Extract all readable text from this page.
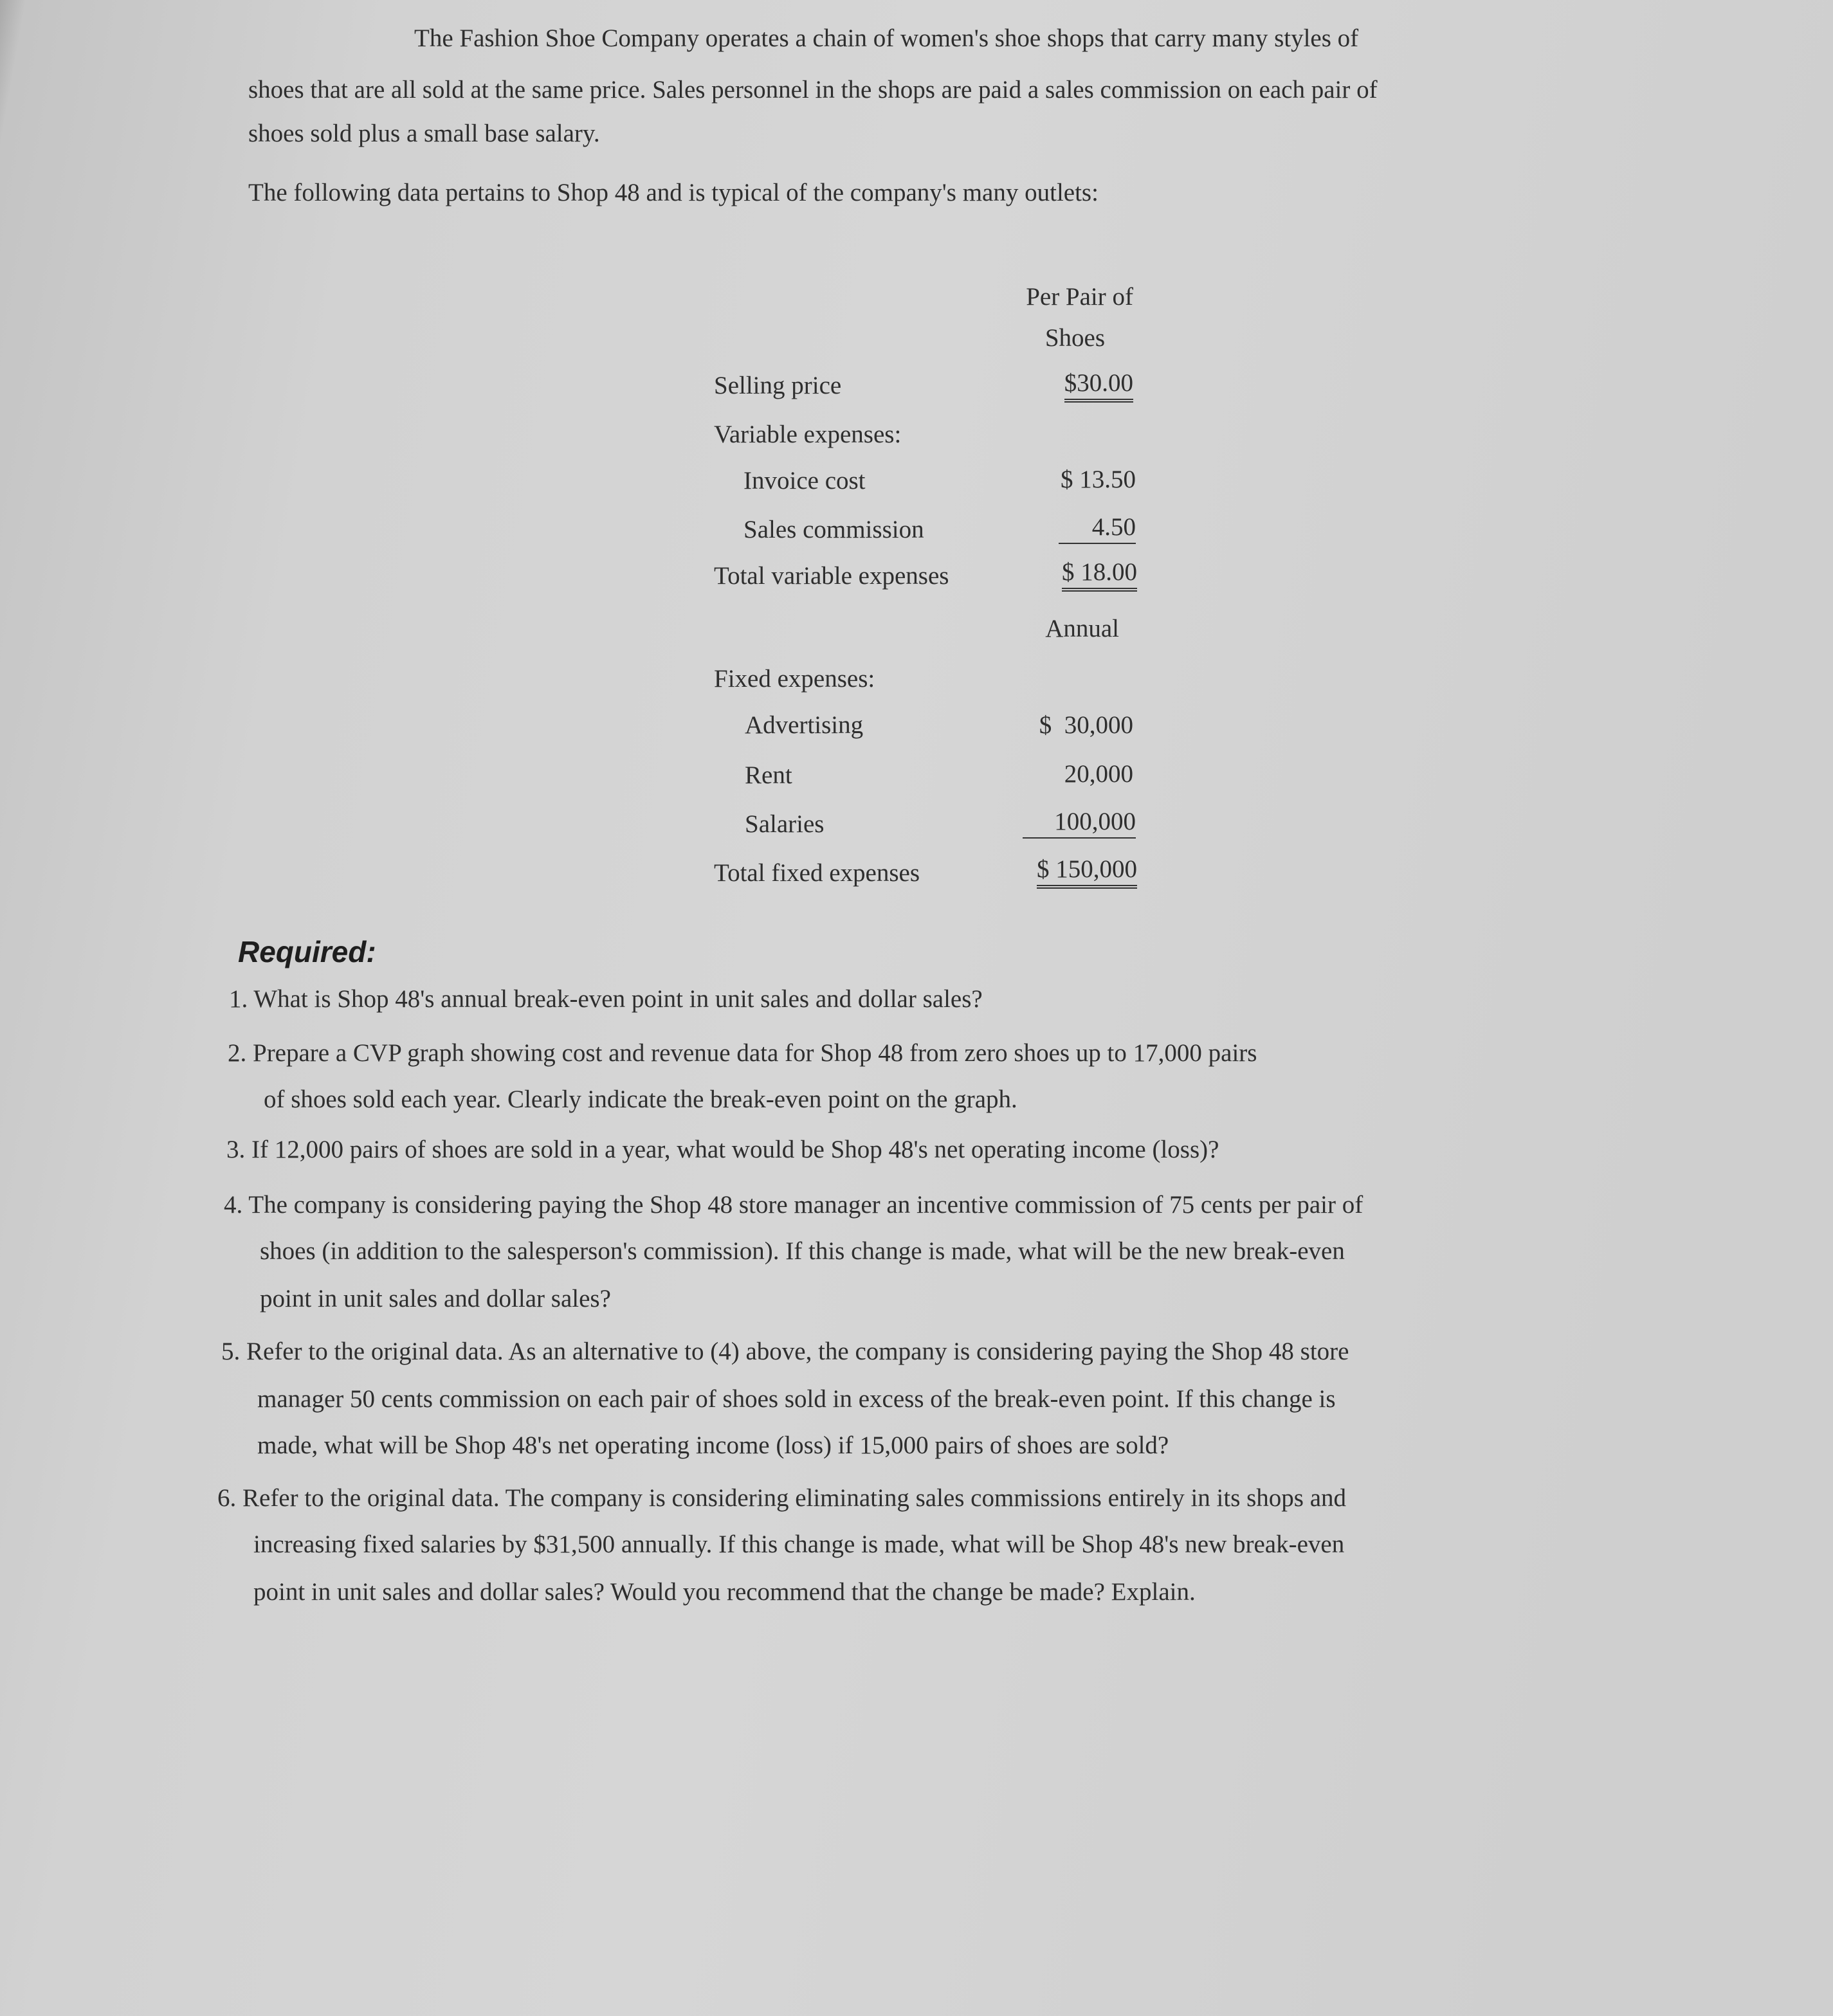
The Fashion Shoe Company operates a chain of women's shoe shops that carry many styles of
shoes that are all sold at the same price. Sales personnel in the shops are paid a sales commission on each pair of
shoes sold plus a small base salary.
The following data pertains to Shop 48 and is typical of the company's many outlets:
Per Pair of
Shoes
Selling price	$30.00
Variable expenses:
Invoice cost	$ 13.50
Sales commission	4.50
Total variable expenses	$ 18.00
Annual
Fixed expenses:
Advertising	$  30,000
Rent	20,000
Salaries	100,000
Total fixed expenses	$ 150,000
Required:
1. What is Shop 48's annual break-even point in unit sales and dollar sales?
2. Prepare a CVP graph showing cost and revenue data for Shop 48 from zero shoes up to 17,000 pairs
of shoes sold each year. Clearly indicate the break-even point on the graph.
3. If 12,000 pairs of shoes are sold in a year, what would be Shop 48's net operating income (loss)?
4. The company is considering paying the Shop 48 store manager an incentive commission of 75 cents per pair of
shoes (in addition to the salesperson's commission). If this change is made, what will be the new break-even
point in unit sales and dollar sales?
5. Refer to the original data. As an alternative to (4) above, the company is considering paying the Shop 48 store
manager 50 cents commission on each pair of shoes sold in excess of the break-even point. If this change is
made, what will be Shop 48's net operating income (loss) if 15,000 pairs of shoes are sold?
6. Refer to the original data. The company is considering eliminating sales commissions entirely in its shops and
increasing fixed salaries by $31,500 annually. If this change is made, what will be Shop 48's new break-even
point in unit sales and dollar sales? Would you recommend that the change be made? Explain.
